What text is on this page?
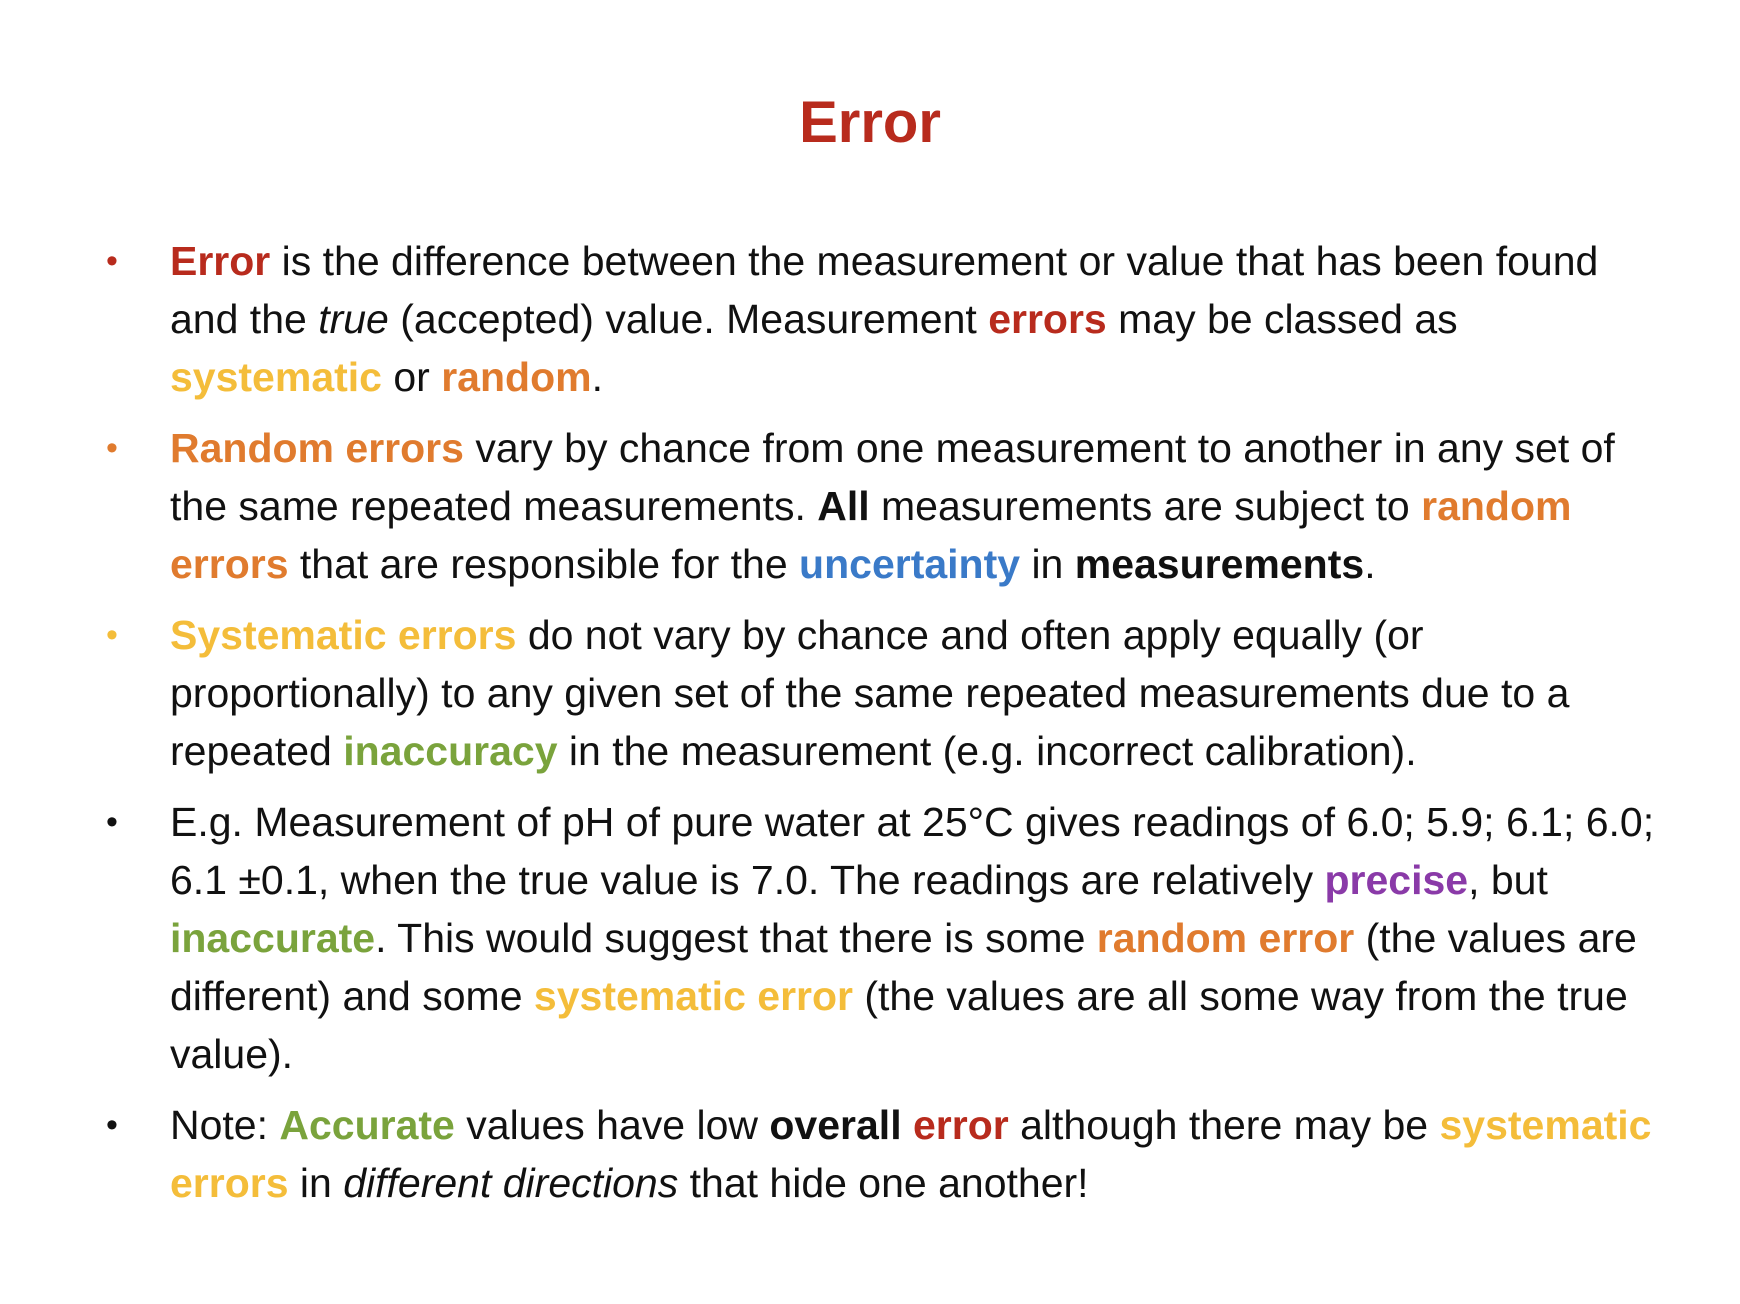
Error
• Error is the difference between the measurement or value that has been found and the true (accepted) value. Measurement errors may be classed as systematic or random.
• Random errors vary by chance from one measurement to another in any set of the same repeated measurements. All measurements are subject to random errors that are responsible for the uncertainty in measurements.
• Systematic errors do not vary by chance and often apply equally (or proportionally) to any given set of the same repeated measurements due to a repeated inaccuracy in the measurement (e.g. incorrect calibration).
• E.g. Measurement of pH of pure water at 25°C gives readings of 6.0; 5.9; 6.1; 6.0; 6.1 ±0.1, when the true value is 7.0. The readings are relatively precise, but inaccurate. This would suggest that there is some random error (the values are different) and some systematic error (the values are all some way from the true value).
• Note: Accurate values have low overall error although there may be systematic errors in different directions that hide one another!
